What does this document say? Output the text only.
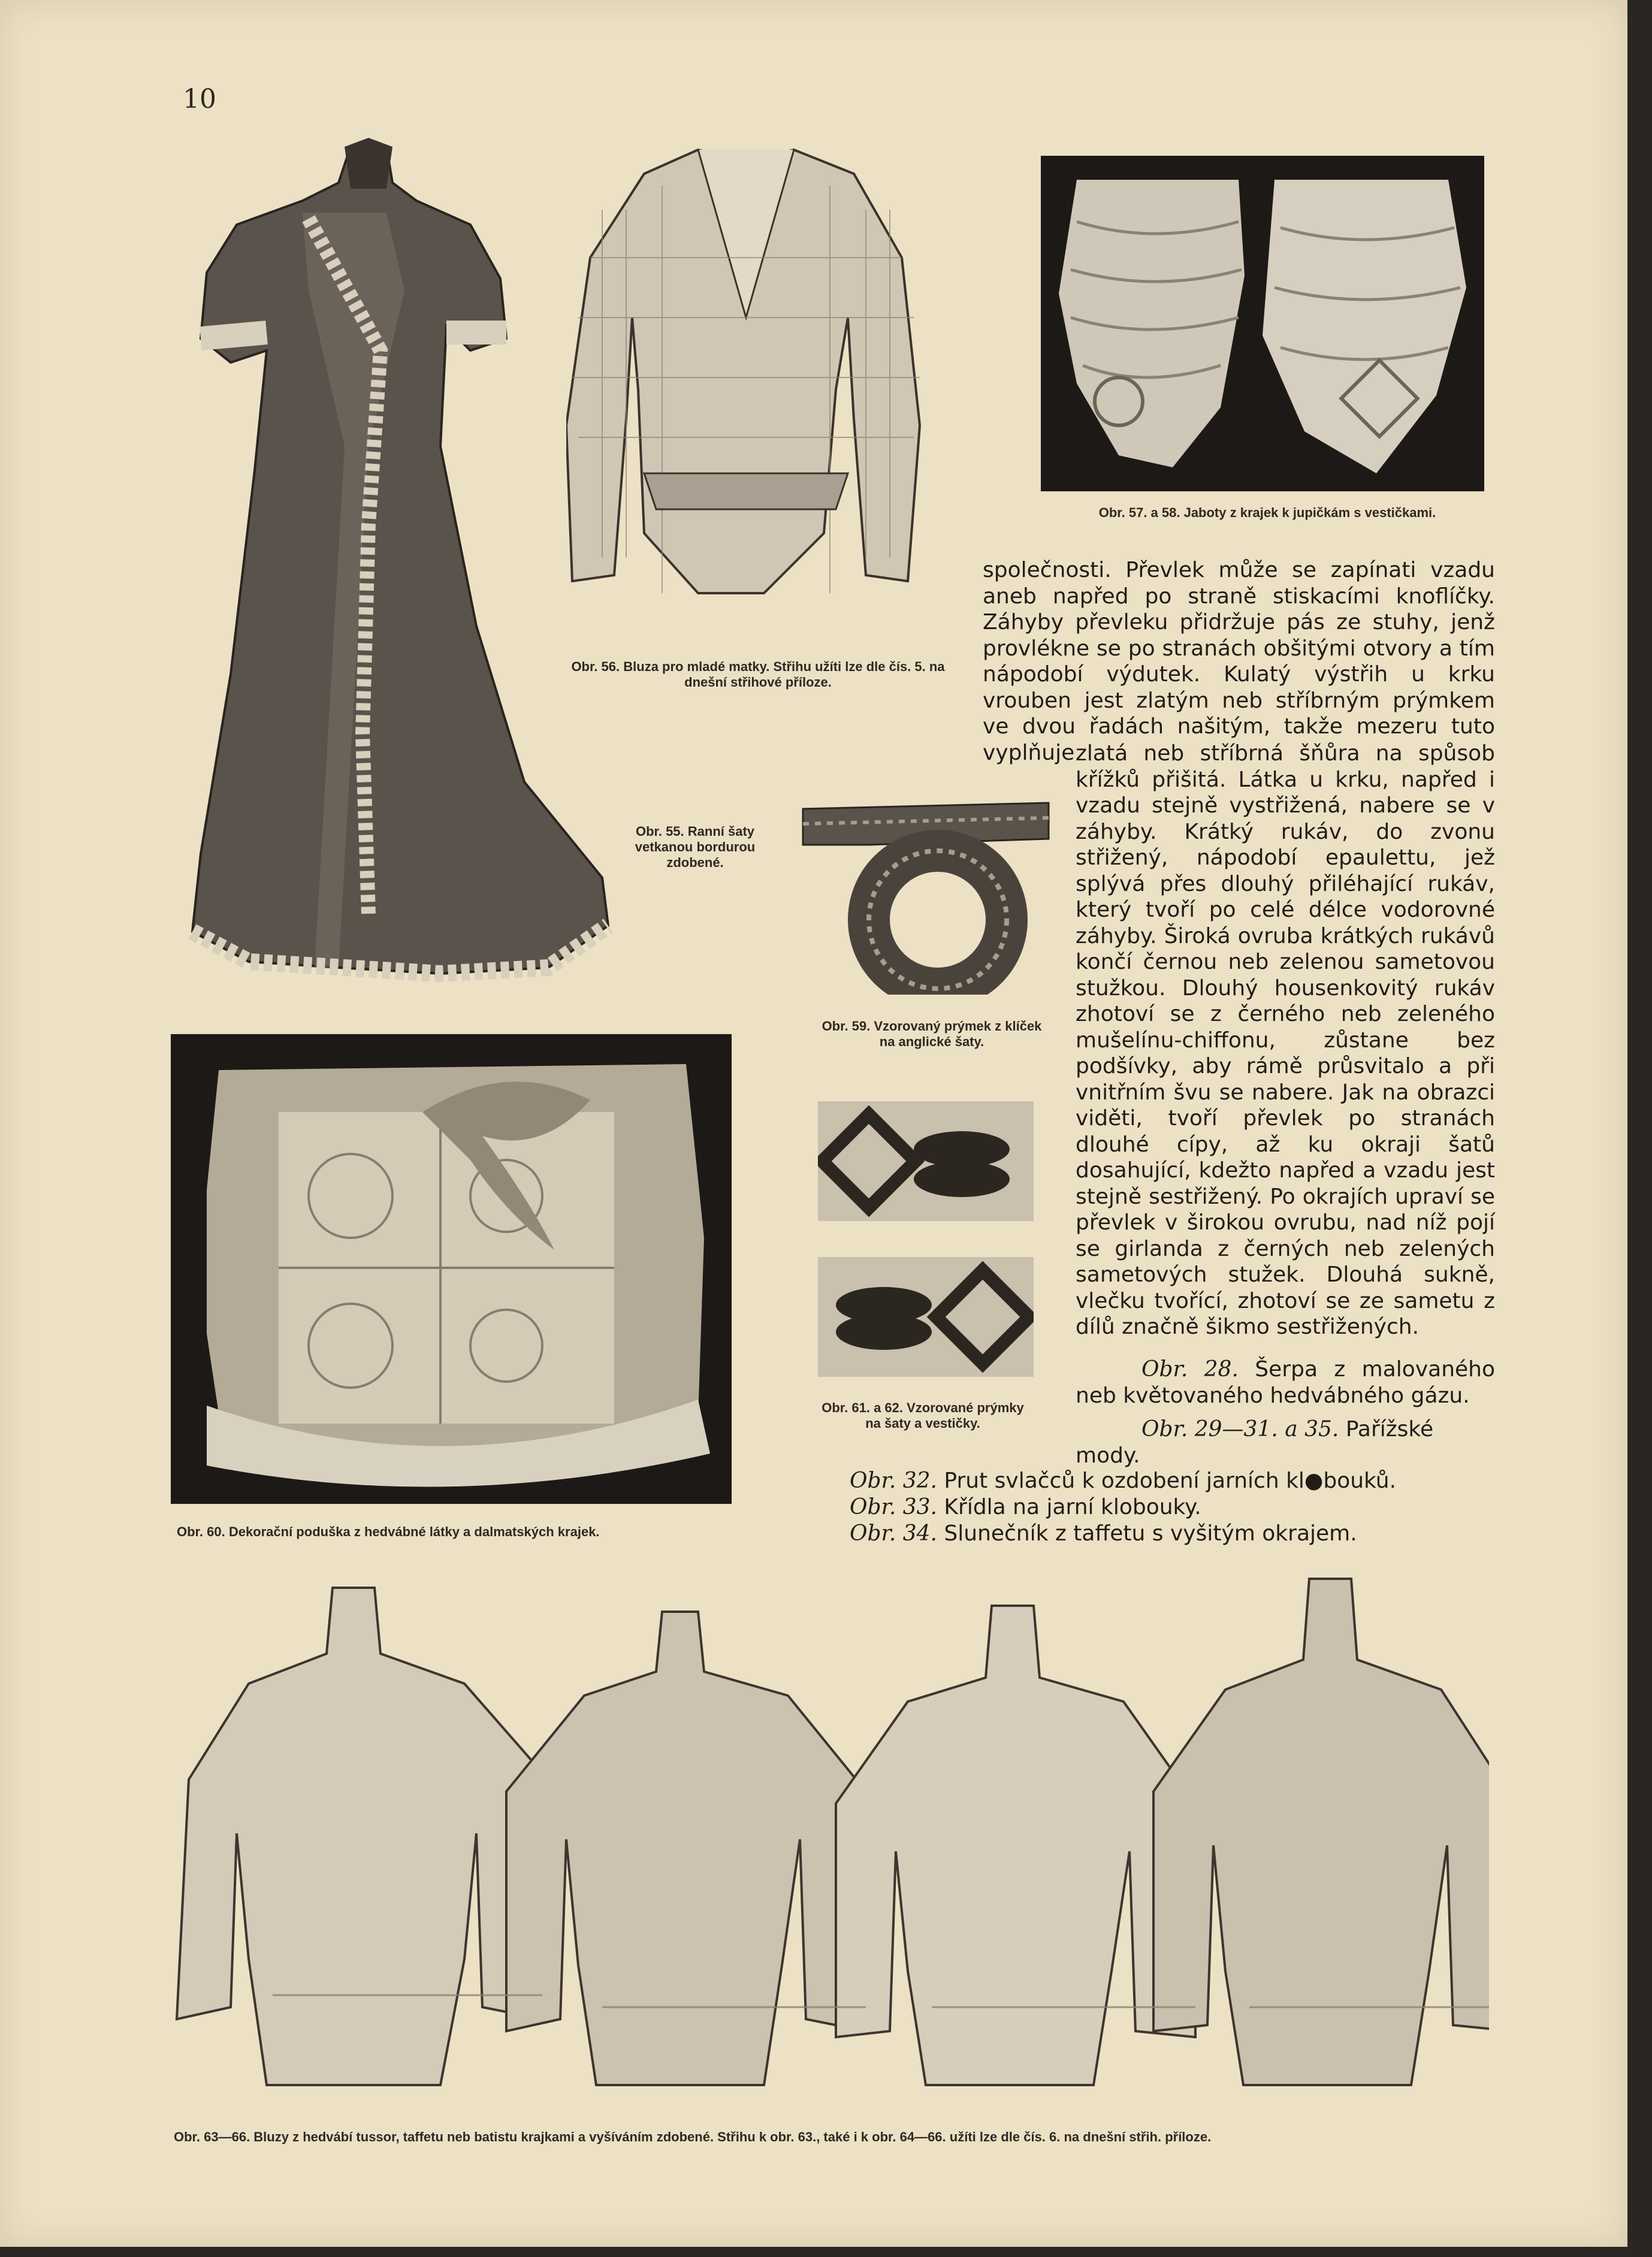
10
Obr. 55. Ranní šaty vetkanou bordurou zdobené.
Obr. 56. Bluza pro mladé matky. Střihu užíti lze dle čís. 5. na dnešní střihové příloze.
Obr. 57. a 58. Jaboty z krajek k jupičkám s vestičkami.
Obr. 59. Vzorovaný prýmek z klíček na anglické šaty.
Obr. 60. Dekorační poduška z hedvábné látky a dalmatských krajek.
Obr. 61. a 62. Vzorované prýmky na šaty a vestičky.
společnosti. Převlek může se zapínati vzadu aneb napřed po straně stiskacími knoflíčky. Záhyby převleku přidržuje pás ze stuhy, jenž provlékne se po stranách obšitými otvory a tím nápodobí výdutek. Kulatý výstřih u krku vrouben jest zlatým neb stříbrným prýmkem ve dvou řadách našitým, takže mezeru tuto vyplňuje zlatá neb stříbrná šňůra na spůsob křížků přišitá. Látka u krku, napřed i vzadu stejně vystřižená, nabere se v záhyby. Krátký rukáv, do zvonu střižený, nápodobí epaulettu, jež splývá přes dlouhý přiléhající rukáv, který tvoří po celé délce vodorovné záhyby. Široká ovruba krátkých rukávů končí černou neb zelenou sametovou stužkou. Dlouhý housenkovitý rukáv zhotoví se z černého neb zeleného mušelínu-chiffonu, zůstane bez podšívky, aby rámě průsvitalo a při vnitřním švu se nabere. Jak na obrazci viděti, tvoří převlek po stranách dlouhé cípy, až ku okraji šatů dosahující, kdežto napřed a vzadu jest stejně sestřižený. Po okrajích upraví se převlek v širokou ovrubu, nad níž pojí se girlanda z černých neb zelených sametových stužek. Dlouhá sukně, vlečku tvořící, zhotoví se ze sametu z dílů značně šikmo sestřižených.
Obr. 28. Šerpa z malovaného neb květovaného hedvábného gázu.
Obr. 29—31. a 35. Pařížské mody.
Obr. 32. Prut svlačců k ozdobení jarních kl●bouků.
Obr. 33. Křídla na jarní klobouky.
Obr. 34. Slunečník z taffetu s vyšitým okrajem.
Obr. 63—66. Bluzy z hedvábí tussor, taffetu neb batistu krajkami a vyšíváním zdobené. Střihu k obr. 63., také i k obr. 64—66. užíti lze dle čís. 6. na dnešní střih. příloze.
